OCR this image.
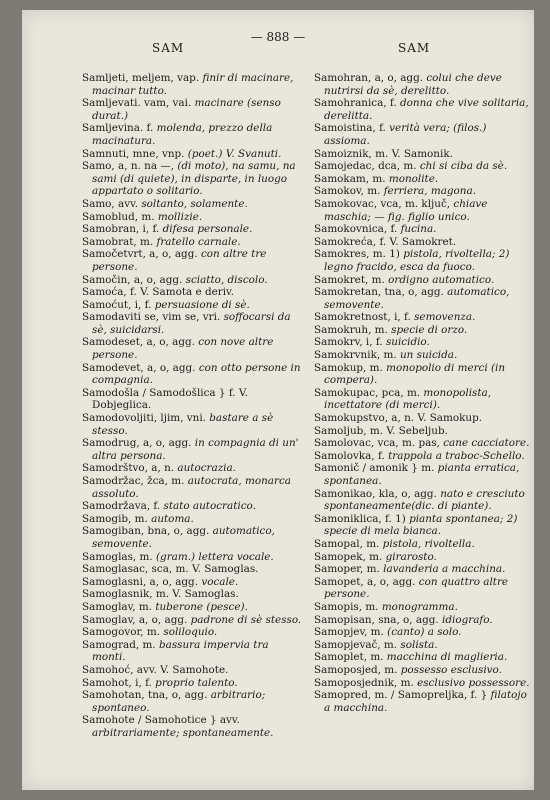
— 888 —
SAM	SAM

Samljeti, meljem, vap. finir di macinare, macinar tutto.

Samljevati. vam, vai. macinare (senso durat.)

Samljevina. f. molenda, prezzo della macinatura.

Samnuti, mne, vnp. (poet.) V. Svanuti.

Samo, a, n. na —, (di moto), na samu, na sami (di quiete), in disparte, in luogo appartato o solitario.

Samo, avv. soltanto, solamente.

Samoblud, m. mollizie.

Samobran, i, f. difesa personale.

Samobrat, m. fratello carnale.

Samočetvrt, a, o, agg. con altre tre persone.

Samočin, a, o, agg. sciatto, discolo.

Samoća, f. V. Samota e deriv.

Samoćut, i, f. persuasione di sè.

Samodaviti se, vim se, vri. soffocarsi da sè, suicidarsi.

Samodeset, a, o, agg. con nove altre persone.

Samodevet, a, o, agg. con otto persone in compagnia.

Samodošla / Samodošlica } f. V. Dobjeglica.

Samodovoljiti, ljim, vni. bastare a sè stesso.

Samodrug, a, o, agg. in compagnia di un' altra persona.

Samodrštvo, a, n. autocrazia.

Samodržac, žca, m. autocrata, monarca assoluto.

Samodržava, f. stato autocratico.

Samogib, m. automa.

Samogiban, bna, o, agg. automatico, semovente.

Samoglas, m. (gram.) lettera vocale.

Samoglasac, sca, m. V. Samoglas.

Samoglasni, a, o, agg. vocale.

Samoglasnik, m. V. Samoglas.

Samoglav, m. tuberone (pesce).

Samoglav, a, o, agg. padrone di sè stesso.

Samogovor, m. soliloquio.

Samograd, m. bassura impervia tra monti.

Samohoć, avv. V. Samohote.

Samohot, i, f. proprio talento.

Samohotan, tna, o, agg. arbitrario; spontaneo.

Samohote / Samohotice } avv. arbitrariamente; spontaneamente.

Samohran, a, o, agg. colui che deve nutrirsi da sè, derelitto.

Samohranica, f. donna che vive solitaria, derelitta.

Samoistina, f. verità vera; (filos.) assioma.

Samoiznik, m. V. Samonik.

Samojedac, dca, m. chi si ciba da sè.

Samokam, m. monolite.

Samokov, m. ferriera, magona.

Samokovac, vca, m. ključ, chiave maschia; — fig. figlio unico.

Samokovnica, f. fucina.

Samokreća, f. V. Samokret.

Samokres, m. 1) pistola, rivoltella; 2) legno fracido, esca da fuoco.

Samokret, m. ordigno automatico.

Samokretan, tna, o, agg. automatico, semovente.

Samokretnost, i, f. semovenza.

Samokruh, m. specie di orzo.

Samokrv, i, f. suicidio.

Samokrvnik, m. un suicida.

Samokup, m. monopolio di merci (in compera).

Samokupac, pca, m. monopolista, incettatore (di merci).

Samokupstvo, a, n. V. Samokup.

Samoljub, m. V. Sebeljub.

Samolovac, vca, m. pas, cane cacciatore.

Samolovka, f. trappola a traboc-Schello.

Samonič / amonik } m. pianta erratica, spontanea.

Samonikao, kla, o, agg. nato e cresciuto spontaneamente(dic. di piante).

Samoniklica, f. 1) pianta spontanea; 2) specie di mela bianca.

Samopal, m. pistola, rivoltella.

Samopek, m. girarosto.

Samoper, m. lavanderia a macchina.

Samopet, a, o, agg. con quattro altre persone.

Samopis, m. monogramma.

Samopisan, sna, o, agg. idiografo.

Samopjev, m. (canto) a solo.

Samopjevač, m. solista.

Samoplet, m. macchina di maglieria.

Samoposjed, m. possesso esclusivo.

Samoposjednik, m. esclusivo possessore.

Samopred, m. / Samopreljka, f. } filatojo a macchina.
